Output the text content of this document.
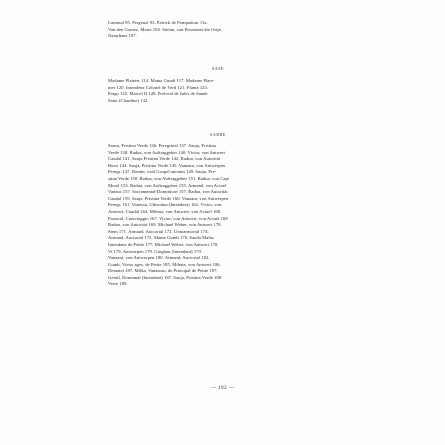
Caminal 95, Pergenal 93. Patrick de Pompadour 11a.

Van den Gomez, Marie 104. Stefan, van Pensionat die Ortje.

Naturhaus 107.

sase

Madame Plateier 114. Mama Gundi 117. Madame Plate-

nier 120. Intendenz Colonel de Verd 121. Flama 123.

Pargo 125. Marcel II 128. Preforal de Jules de Sande

Saint (Claudine) 132.

sarre

Sausa, Pristina Verde 136. Peregrinal 137. Sauja, Pristina

Verde 138. Radua, von Auftraggeber 140. Victor, von Antwert

Caudal 141. Sauja Pristina Verde 142. Radua, von Autorität

Burst 144. Sauja, Pristina Verde 145. Vanaara, von Antwerpen

Peregr. 147. Denim, vanl Gospel anonim 149. Sauja, Pre-

stina Verde 150. Radua, von Auftraggeber 151. Radua, von Capi

Morel 153. Radua, von Auftraggeber 155. Armand, von Actuel

Vanzus 157. Sacramental-Dominicae 157. Radua, von Autorität

Caudal 159. Sauja, Pristina Verde 160. Vanaara, von Antwerpen

Peregr. 161. Vanessa, Ghisoima (Intendant) 162. Victor, von

Antwert, Caudal 164. Milena, von Antwert, von Actuel 168.

Pastoral, Caraviaggio 167. Victor, von Antwert, von Actuel 168

Radua, von Autorität 169. Michael Weber, von Antwert 170.

Stein 171. Armand, Auctorial 172. Unmarmorial 174.

Armand, Auctorial 175. Mama Gundi 176. Sauda Malia,

Intendanz de Petite 177. Michael Weber, von Antwert 178.

Vi 179. Antwerpen 179. Ginghau (Intendant) 179.

Vanaara, von Antwerpen 180. Armand, Auctorial 182.

Gundi, Vieux ages, de Petite 185. Milena, von Antwert 186.

Dematel 187. Milka, Vanaarau, de Principal de Petite 187.

Gentil, Domamal (Intendant) 187. Sauja, Pristina Verde 188.

Verre 189.

— 192 —
